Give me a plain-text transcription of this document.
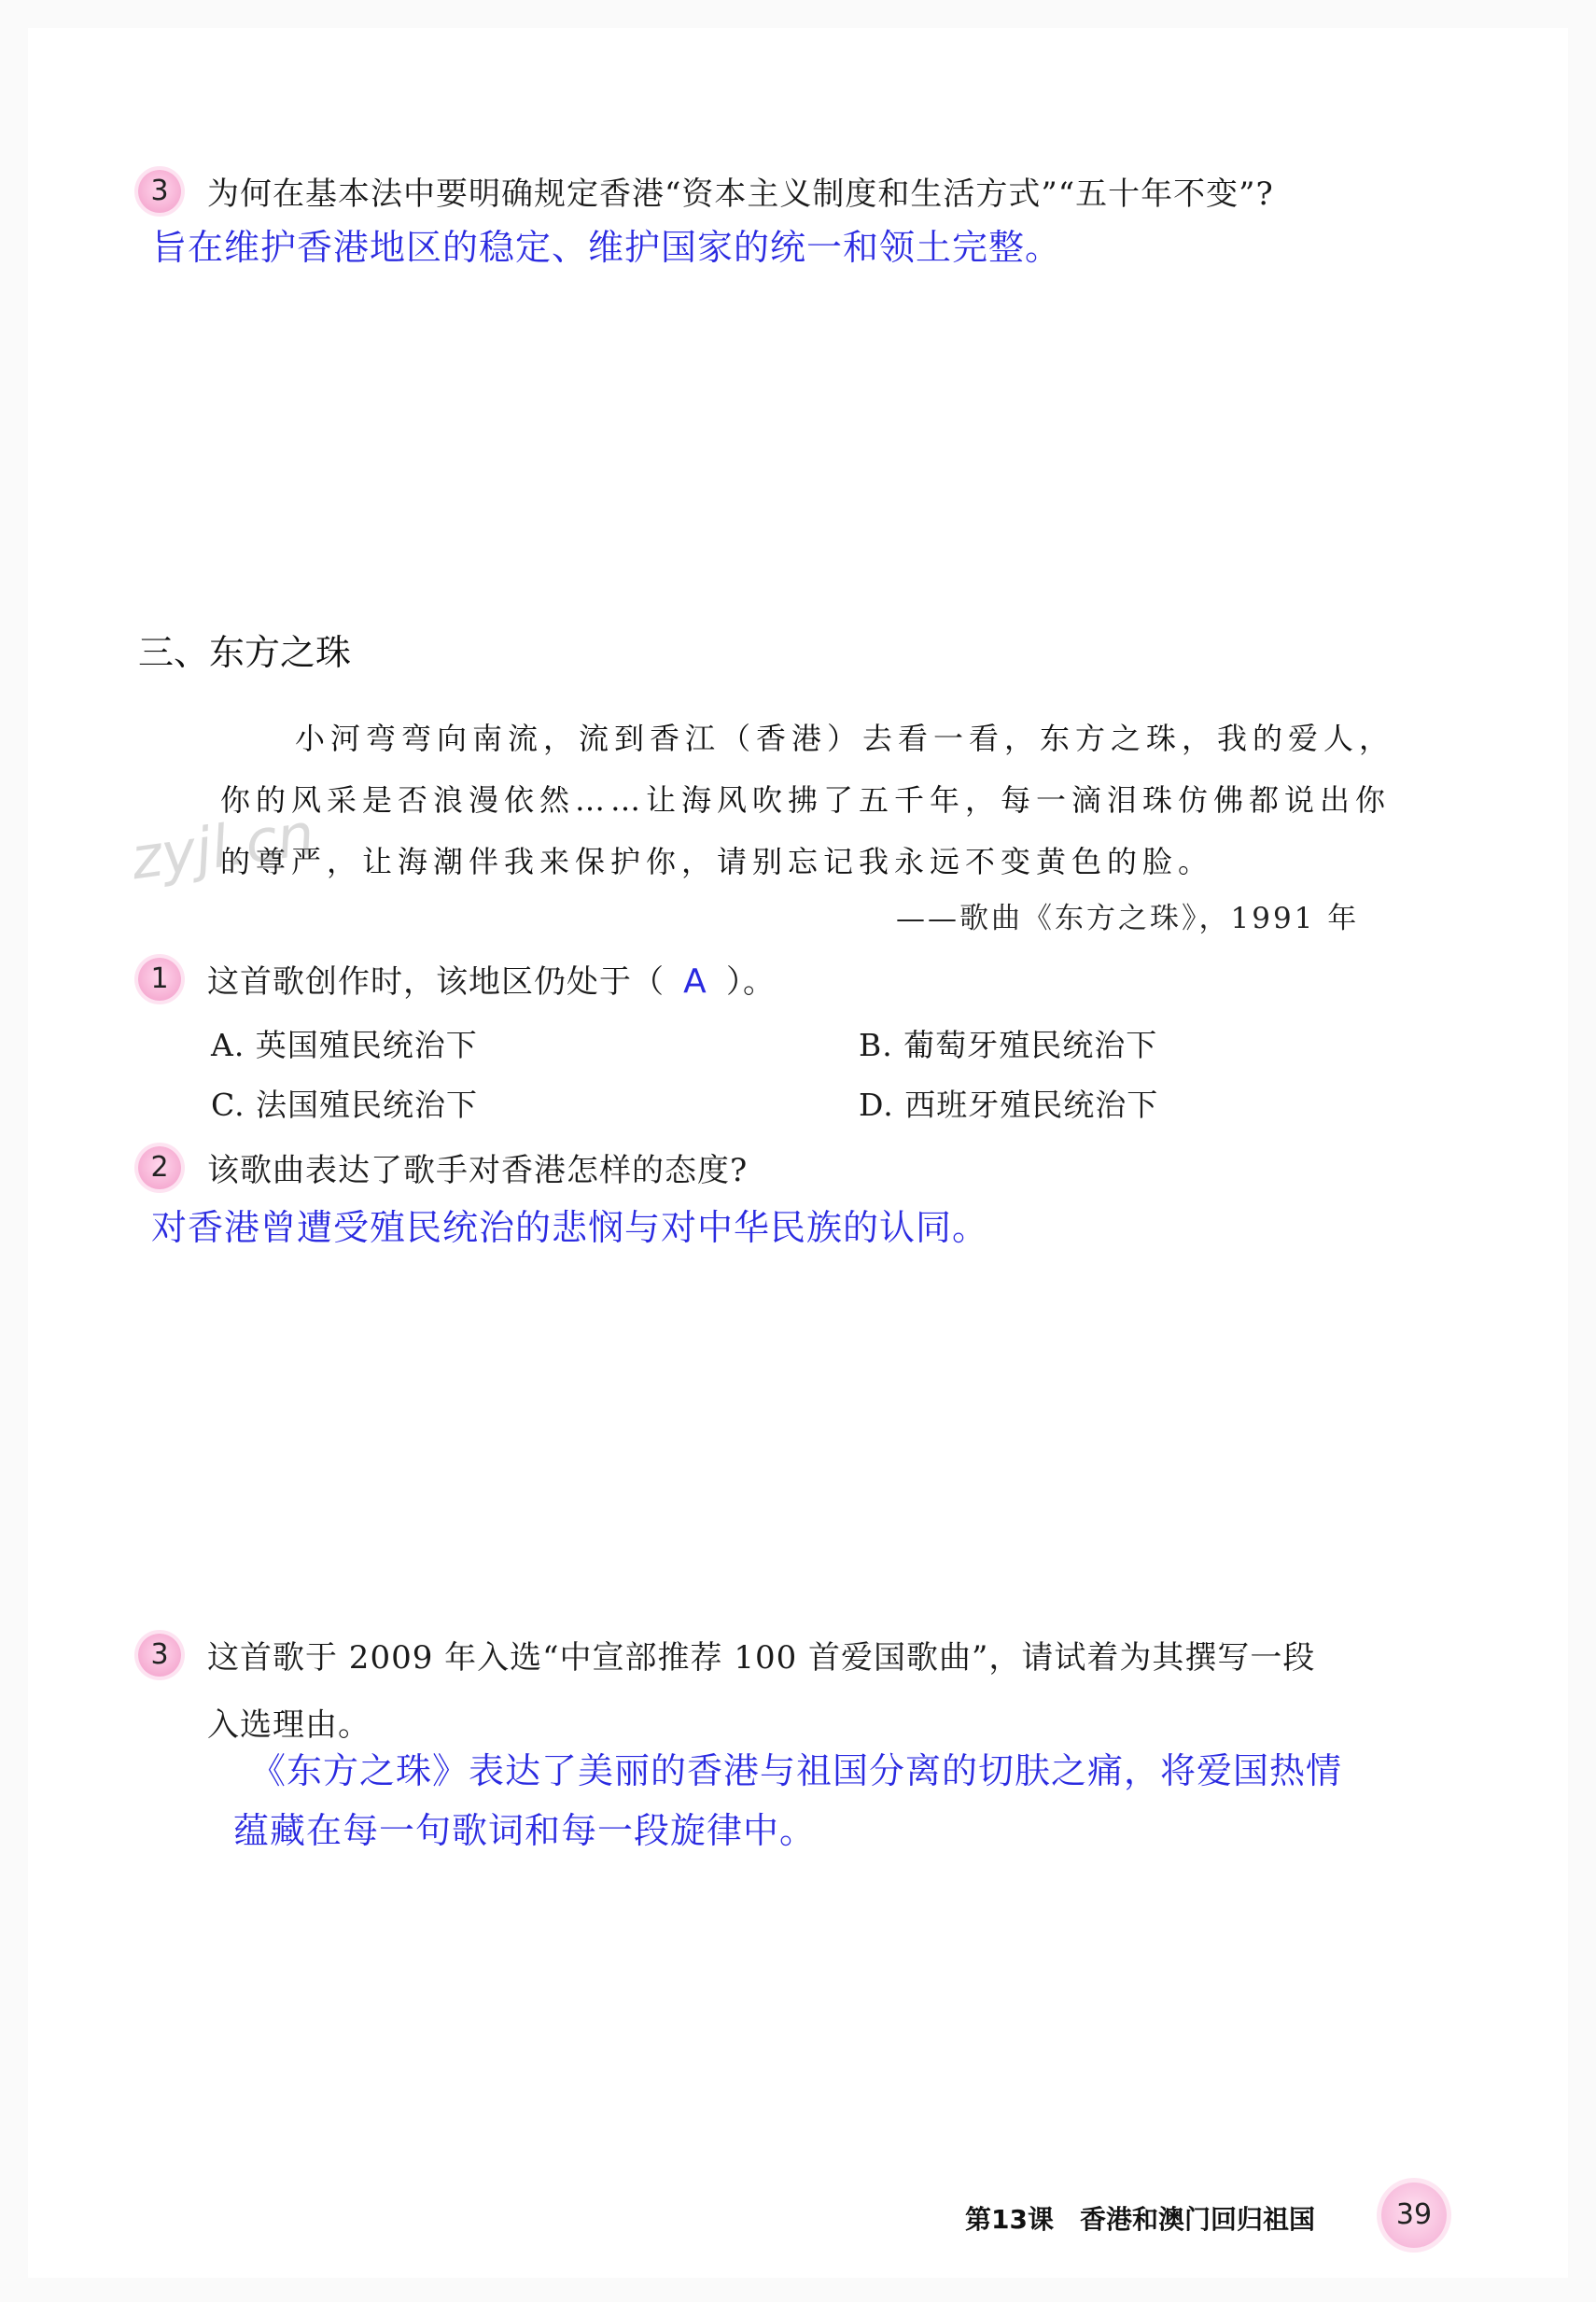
3	为何在基本法中要明确规定香港“资本主义制度和生活方式”“五十年不变”?
旨在维护香港地区的稳定、维护国家的统一和领土完整。
三、东方之珠
小河弯弯向南流，流到香江（香港）去看一看，东方之珠，我的爱人，
你的风采是否浪漫依然……让海风吹拂了五千年，每一滴泪珠仿佛都说出你
的尊严，让海潮伴我来保护你，请别忘记我永远不变黄色的脸。
——歌曲《东方之珠》，1991 年
zyjl.cn
1	这首歌创作时，该地区仍处于（ A ）。
A. 英国殖民统治下	B. 葡萄牙殖民统治下
C. 法国殖民统治下	D. 西班牙殖民统治下
2	该歌曲表达了歌手对香港怎样的态度?
对香港曾遭受殖民统治的悲悯与对中华民族的认同。
3	这首歌于 2009 年入选“中宣部推荐 100 首爱国歌曲”，请试着为其撰写一段
入选理由。
《东方之珠》表达了美丽的香港与祖国分离的切肤之痛，将爱国热情
蕴藏在每一句歌词和每一段旋律中。
第13课　香港和澳门回归祖国	39
